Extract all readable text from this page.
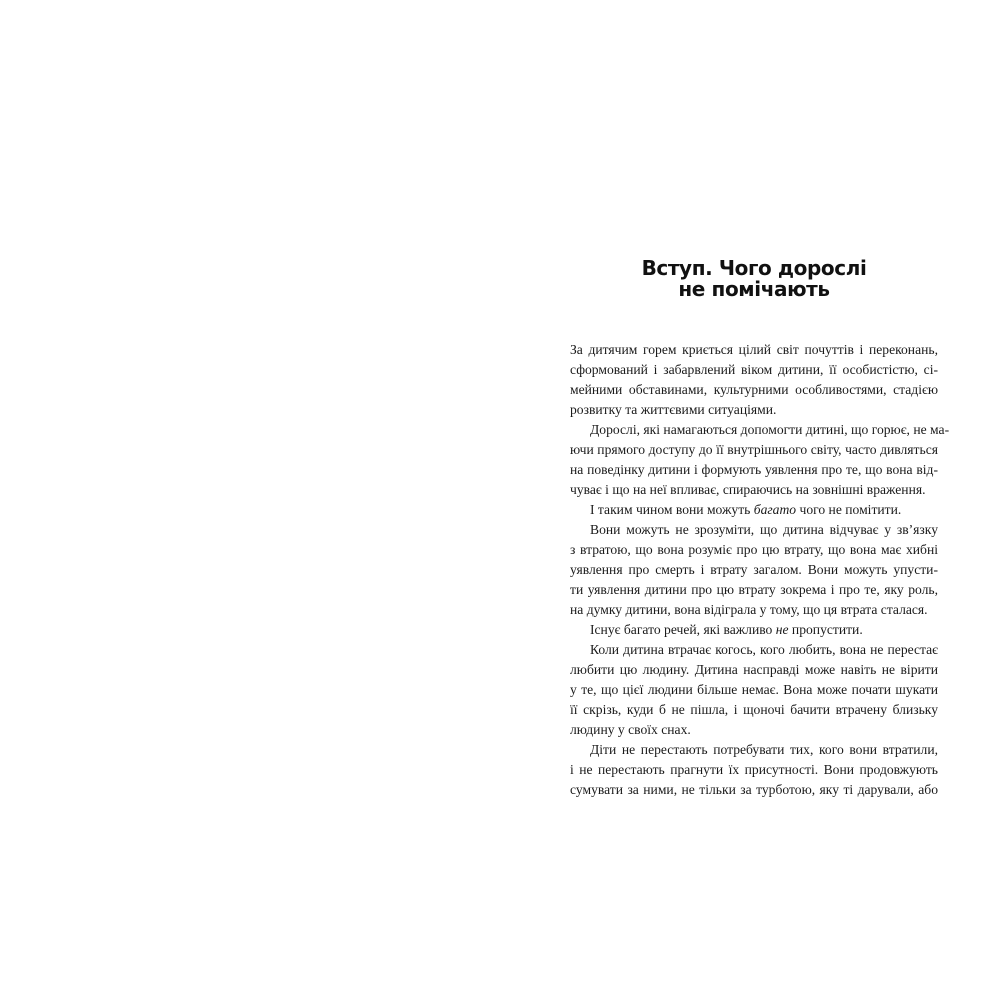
Вступ. Чого дорослі
не помічають
За дитячим горем криється цілий світ почуттів і переконань,
сформований і забарвлений віком дитини, її особистістю, сі-
мейними обставинами, культурними особливостями, стадією
розвитку та життєвими ситуаціями.
Дорослі, які намагаються допомогти дитині, що горює, не ма-
ючи прямого доступу до її внутрішнього світу, часто дивляться
на поведінку дитини і формують уявлення про те, що вона від-
чуває і що на неї впливає, спираючись на зовнішні враження.
І таким чином вони можуть багато чого не помітити.
Вони можуть не зрозуміти, що дитина відчуває у зв’язку
з втратою, що вона розуміє про цю втрату, що вона має хибні
уявлення про смерть і втрату загалом. Вони можуть упусти-
ти уявлення дитини про цю втрату зокрема і про те, яку роль,
на думку дитини, вона відіграла у тому, що ця втрата сталася.
Існує багато речей, які важливо не пропустити.
Коли дитина втрачає когось, кого любить, вона не перестає
любити цю людину. Дитина насправді може навіть не вірити
у те, що цієї людини більше немає. Вона може почати шукати
її скрізь, куди б не пішла, і щоночі бачити втрачену близьку
людину у своїх снах.
Діти не перестають потребувати тих, кого вони втратили,
і не перестають прагнути їх присутності. Вони продовжують
сумувати за ними, не тільки за турботою, яку ті дарували, або
